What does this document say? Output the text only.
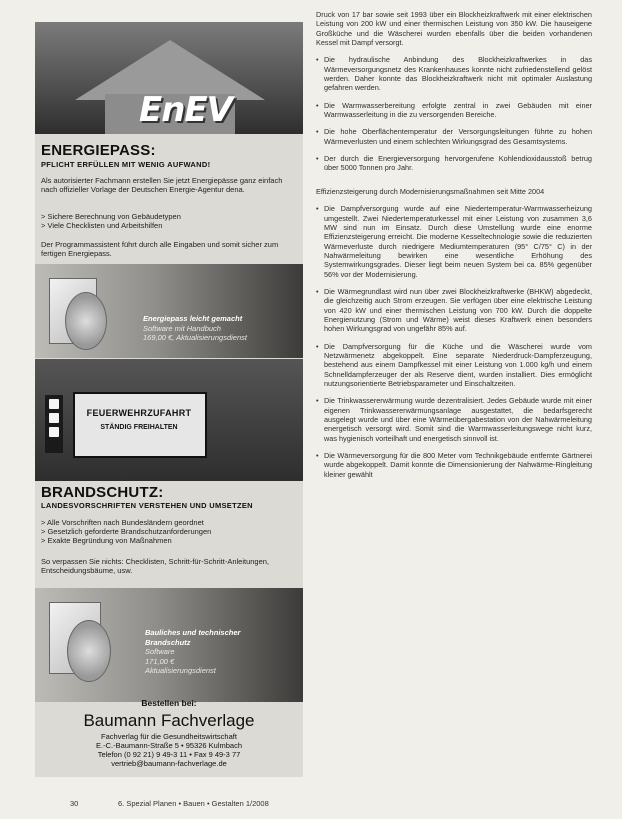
EnEV
ENERGIEPASS:
PFLICHT ERFÜLLEN MIT WENIG AUFWAND!
Als autorisierter Fachmann erstellen Sie jetzt Energiepässe ganz einfach nach offizieller Vorlage der Deutschen Energie-Agentur dena.
> Sichere Berechnung von Gebäudetypen
> Viele Checklisten und Arbeitshilfen
Der Programmassistent führt durch alle Eingaben und somit sicher zum fertigen Energiepass.
Energiepass leicht gemacht
Software mit Handbuch
169,00 €, Aktualisierungsdienst
FEUERWEHRZUFAHRT
STÄNDIG FREIHALTEN
BRANDSCHUTZ:
LANDESVORSCHRIFTEN VERSTEHEN UND UMSETZEN
> Alle Vorschriften nach Bundesländern geordnet
> Gesetzlich geforderte Brandschutzanforderungen
> Exakte Begründung von Maßnahmen
So verpassen Sie nichts: Checklisten, Schritt-für-Schritt-Anleitungen, Entscheidungsbäume, usw.
Bauliches und technischer
Brandschutz
Software
171,00 €
Aktualisierungsdienst
Bestellen bei:
Baumann Fachverlage
Fachverlag für die Gesundheitswirtschaft
E.-C.-Baumann-Straße 5 • 95326 Kulmbach
Telefon (0 92 21) 9 49-3 11 • Fax 9 49-3 77
vertrieb@baumann-fachverlage.de

Druck von 17 bar sowie seit 1993 über ein Blockheizkraftwerk mit einer elektrischen Leistung von 200 kW und einer thermischen Leistung von 350 kW. Die hauseigene Großküche und die Wäscherei wurden ebenfalls über die beiden vorhandenen Kessel mit Dampf versorgt.

• Die hydraulische Anbindung des Blockheizkraftwerkes in das Wärmeversorgungsnetz des Krankenhauses konnte nicht zufriedenstellend gelöst werden. Daher konnte das Blockheizkraftwerk nicht mit optimaler Auslastung gefahren werden.
• Die Warmwasserbereitung erfolgte zentral in zwei Gebäuden mit einer Warmwasserleitung in die zu versorgenden Bereiche.
• Die hohe Oberflächentemperatur der Versorgungsleitungen führte zu hohen Wärmeverlusten und einem schlechten Wirkungsgrad des Gesamtsystems.
• Der durch die Energieversorgung hervorgerufene Kohlendioxidausstoß betrug über 5000 Tonnen pro Jahr.

Effizienzsteigerung durch Modernisierungsmaßnahmen seit Mitte 2004

• Die Dampfversorgung wurde auf eine Niedertemperatur-Warmwasserheizung umgestellt. Zwei Niedertemperaturkessel mit einer Leistung von zusammen 3,6 MW sind nun im Einsatz. Durch diese Umstellung wurde eine enorme Effizienzsteigerung erreicht. Die moderne Kesseltechnologie sowie die reduzierten Wärmeverluste durch niedrigere Mediumtemperaturen (95° C/75° C) in der Nahwärmeleitung bewirken eine wesentliche Erhöhung des Systemwirkungsgrades. Dieser liegt beim neuen System bei ca. 85% gegenüber 56% vor der Modernisierung.
• Die Wärmegrundlast wird nun über zwei Blockheizkraftwerke (BHKW) abgedeckt, die gleichzeitig auch Strom erzeugen. Sie verfügen über eine elektrische Leistung von 420 kW und einer thermischen Leistung von 700 kW. Durch die doppelte Energienutzung (Strom und Wärme) weist dieses Kraftwerk einen besonders hohen Wirkungsgrad von ungefähr 85% auf.
• Die Dampfversorgung für die Küche und die Wäscherei wurde vom Netzwärmenetz abgekoppelt. Eine separate Niederdruck-Dampferzeugung, bestehend aus einem Dampfkessel mit einer Leistung von 1.000 kg/h und einem Schnelldampferzeuger der als Reserve dient, wurden installiert. Dies ermöglicht nutzungsorientierte Betriebsparameter und Einschaltzeiten.
• Die Trinkwassererwärmung wurde dezentralisiert. Jedes Gebäude wurde mit einer eigenen Trinkwassererwärmungsanlage ausgestattet, die bedarfsgerecht ausgelegt wurde und über eine Wärmeübergabestation von der Nahwärmeleitung energetisch versorgt wird. Somit sind die Warmwasserleitungswege nicht kurz, was hygienisch vorteilhaft und energetisch sinnvoll ist.
• Die Wärmeversorgung für die 800 Meter vom Technikgebäude entfernte Gärtnerei wurde abgekoppelt. Damit konnte die Dimensionierung der Nahwärme-Ringleitung kleiner gewählt
30	6. Spezial Planen • Bauen • Gestalten 1/2008
